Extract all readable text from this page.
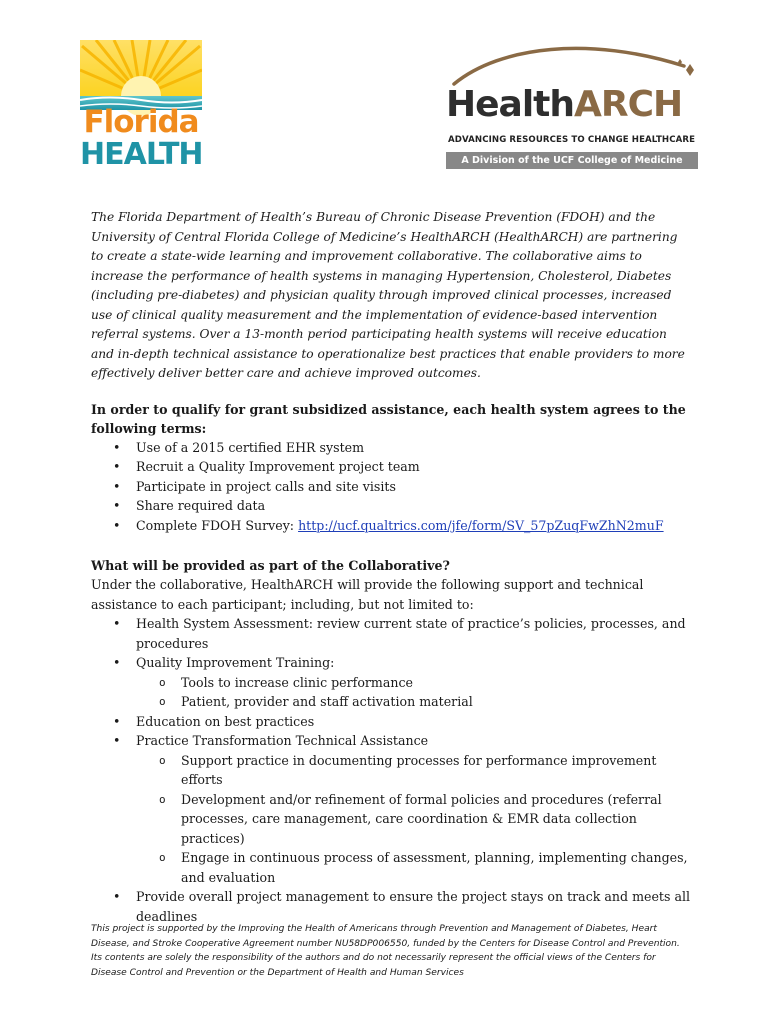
Florida
HEALTH
HealthARCH
ADVANCING RESOURCES TO CHANGE HEALTHCARE
A Division of the UCF College of Medicine

The Florida Department of Health’s Bureau of Chronic Disease Prevention (FDOH) and the University of Central Florida College of Medicine’s HealthARCH (HealthARCH) are partnering to create a state-wide learning and improvement collaborative. The collaborative aims to increase the performance of health systems in managing Hypertension, Cholesterol, Diabetes (including pre-diabetes) and physician quality through improved clinical processes, increased use of clinical quality measurement and the implementation of evidence-based intervention referral systems. Over a 13-month period participating health systems will receive education and in-depth technical assistance to operationalize best practices that enable providers to more effectively deliver better care and achieve improved outcomes.

In order to qualify for grant subsidized assistance, each health system agrees to the following terms:

• Use of a 2015 certified EHR system
• Recruit a Quality Improvement project team
• Participate in project calls and site visits
• Share required data
• Complete FDOH Survey: http://ucf.qualtrics.com/jfe/form/SV_57pZuqFwZhN2muF

What will be provided as part of the Collaborative?

Under the collaborative, HealthARCH will provide the following support and technical assistance to each participant; including, but not limited to:

• Health System Assessment: review current state of practice’s policies, processes, and procedures
• Quality Improvement Training:
o Tools to increase clinic performance
o Patient, provider and staff activation material
• Education on best practices
• Practice Transformation Technical Assistance
o Support practice in documenting processes for performance improvement efforts
o Development and/or refinement of formal policies and procedures (referral processes, care management, care coordination & EMR data collection practices)
o Engage in continuous process of assessment, planning, implementing changes, and evaluation
• Provide overall project management to ensure the project stays on track and meets all deadlines
This project is supported by the Improving the Health of Americans through Prevention and Management of Diabetes, Heart Disease, and Stroke Cooperative Agreement number NU58DP006550, funded by the Centers for Disease Control and Prevention. Its contents are solely the responsibility of the authors and do not necessarily represent the official views of the Centers for Disease Control and Prevention or the Department of Health and Human Services
